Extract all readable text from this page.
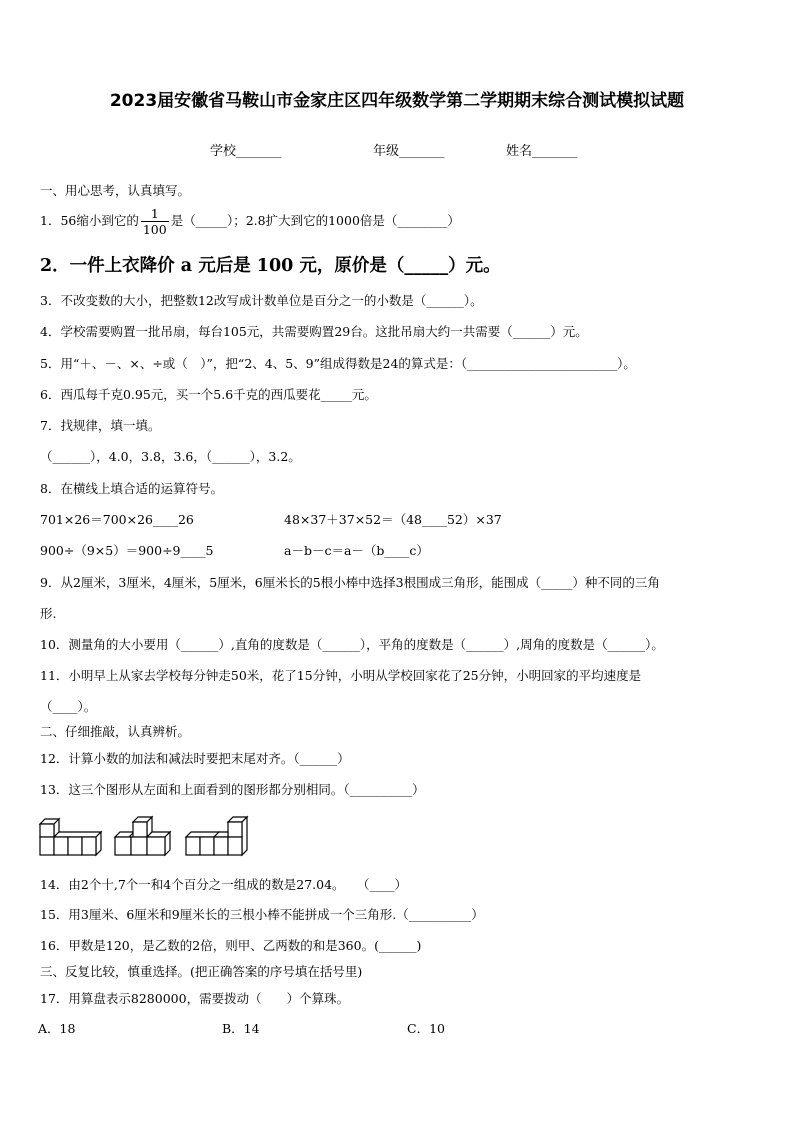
2023届安徽省马鞍山市金家庄区四年级数学第二学期期末综合测试模拟试题
学校_______	年级_______	姓名_______
一、用心思考，认真填写。
1．56缩小到它的 $\frac{1}{100}$ 是（_____）；2.8扩大到它的1000倍是（________）
2．一件上衣降价 a 元后是 100 元，原价是（_____）元。
3．不改变数的大小，把整数12改写成计数单位是百分之一的小数是（______）。
4．学校需要购置一批吊扇，每台105元，共需要购置29台。这批吊扇大约一共需要（______）元。
5．用“＋、－、×、÷或（　）”，把“2、4、5、9”组成得数是24的算式是：（________________________）。
6．西瓜每千克0.95元，买一个5.6千克的西瓜要花_____元。
7．找规律，填一填。
（______），4.0，3.8，3.6，（______），3.2。
8．在横线上填合适的运算符号。
701×26＝700×26____26	48×37＋37×52＝（48____52）×37
900÷（9×5）＝900÷9____5	a－b－c＝a－（b____c）
9．从2厘米，3厘米，4厘米，5厘米，6厘米长的5根小棒中选择3根围成三角形，能围成（_____）种不同的三角
形.
10．测量角的大小要用（______）,直角的度数是（______），平角的度数是（______）,周角的度数是（______）。
11．小明早上从家去学校每分钟走50米，花了15分钟，小明从学校回家花了25分钟，小明回家的平均速度是
（____）。
二、仔细推敲，认真辨析。
12．计算小数的加法和减法时要把末尾对齐。（______）
13．这三个图形从左面和上面看到的图形都分别相同。（__________）
14．由2个十,7个一和4个百分之一组成的数是27.04。　　（____）
15．用3厘米、6厘米和9厘米长的三根小棒不能拼成一个三角形.（__________）
16．甲数是120，是乙数的2倍，则甲、乙两数的和是360。(______)
三、反复比较，慎重选择。(把正确答案的序号填在括号里)
17．用算盘表示8280000，需要拨动（　　）个算珠。
A．18	B．14	C．10
